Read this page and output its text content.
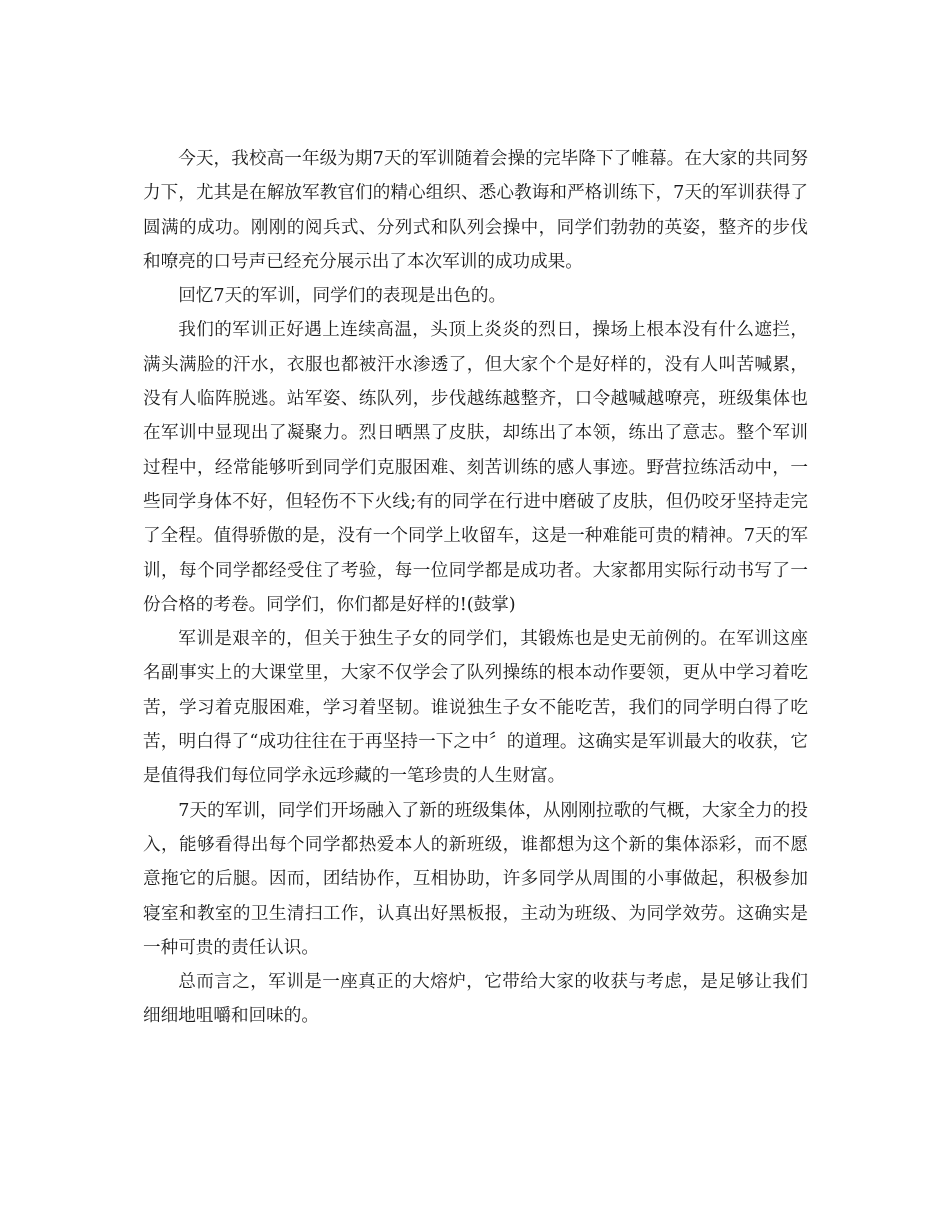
今天，我校高一年级为期7天的军训随着会操的完毕降下了帷幕。在大家的共同努力下，尤其是在解放军教官们的精心组织、悉心教诲和严格训练下，7天的军训获得了圆满的成功。刚刚的阅兵式、分列式和队列会操中，同学们勃勃的英姿，整齐的步伐和嘹亮的口号声已经充分展示出了本次军训的成功成果。

回忆7天的军训，同学们的表现是出色的。

我们的军训正好遇上连续高温，头顶上炎炎的烈日，操场上根本没有什么遮拦，满头满脸的汗水，衣服也都被汗水渗透了，但大家个个是好样的，没有人叫苦喊累，没有人临阵脱逃。站军姿、练队列，步伐越练越整齐，口令越喊越嘹亮，班级集体也在军训中显现出了凝聚力。烈日晒黑了皮肤，却练出了本领，练出了意志。整个军训过程中，经常能够听到同学们克服困难、刻苦训练的感人事迹。野营拉练活动中，一些同学身体不好，但轻伤不下火线;有的同学在行进中磨破了皮肤，但仍咬牙坚持走完了全程。值得骄傲的是，没有一个同学上收留车，这是一种难能可贵的精神。7天的军训，每个同学都经受住了考验，每一位同学都是成功者。大家都用实际行动书写了一份合格的考卷。同学们，你们都是好样的!(鼓掌)

军训是艰辛的，但关于独生子女的同学们，其锻炼也是史无前例的。在军训这座名副事实上的大课堂里，大家不仅学会了队列操练的根本动作要领，更从中学习着吃苦，学习着克服困难，学习着坚韧。谁说独生子女不能吃苦，我们的同学明白得了吃苦，明白得了“成功往往在于再坚持一下之中〞的道理。这确实是军训最大的收获，它是值得我们每位同学永远珍藏的一笔珍贵的人生财富。

7天的军训，同学们开场融入了新的班级集体，从刚刚拉歌的气概，大家全力的投入，能够看得出每个同学都热爱本人的新班级，谁都想为这个新的集体添彩，而不愿意拖它的后腿。因而，团结协作，互相协助，许多同学从周围的小事做起，积极参加寝室和教室的卫生清扫工作，认真出好黑板报，主动为班级、为同学效劳。这确实是一种可贵的责任认识。

总而言之，军训是一座真正的大熔炉，它带给大家的收获与考虑，是足够让我们细细地咀嚼和回味的。
